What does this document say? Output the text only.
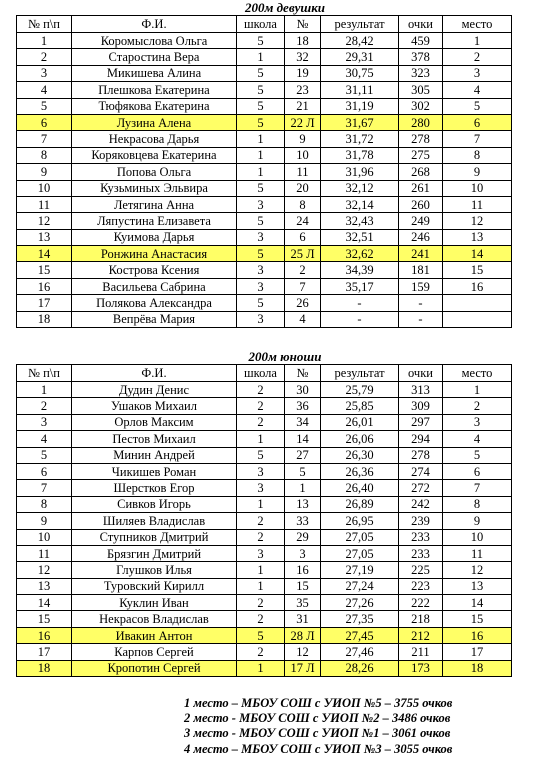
200м девушки
№ п\п	Ф.И.	школа	№	результат	очки	место
1	Коромыслова Ольга	5	18	28,42	459	1
2	Старостина Вера	1	32	29,31	378	2
3	Микишева Алина	5	19	30,75	323	3
4	Плешкова Екатерина	5	23	31,11	305	4
5	Тюфякова Екатерина	5	21	31,19	302	5
6	Лузина Алена	5	22 Л	31,67	280	6
7	Некрасова Дарья	1	9	31,72	278	7
8	Коряковцева Екатерина	1	10	31,78	275	8
9	Попова Ольга	1	11	31,96	268	9
10	Кузьминых Эльвира	5	20	32,12	261	10
11	Летягина Анна	3	8	32,14	260	11
12	Ляпустина Елизавета	5	24	32,43	249	12
13	Куимова Дарья	3	6	32,51	246	13
14	Ронжина Анастасия	5	25 Л	32,62	241	14
15	Кострова Ксения	3	2	34,39	181	15
16	Васильева Сабрина	3	7	35,17	159	16
17	Полякова Александра	5	26	-	-	
18	Вепрёва Мария	3	4	-	-	
200м юноши
№ п\п	Ф.И.	школа	№	результат	очки	место
1	Дудин Денис	2	30	25,79	313	1
2	Ушаков Михаил	2	36	25,85	309	2
3	Орлов Максим	2	34	26,01	297	3
4	Пестов Михаил	1	14	26,06	294	4
5	Минин Андрей	5	27	26,30	278	5
6	Чикишев Роман	3	5	26,36	274	6
7	Шерстков Егор	3	1	26,40	272	7
8	Сивков Игорь	1	13	26,89	242	8
9	Шиляев Владислав	2	33	26,95	239	9
10	Ступников Дмитрий	2	29	27,05	233	10
11	Брязгин Дмитрий	3	3	27,05	233	11
12	Глушков Илья	1	16	27,19	225	12
13	Туровский Кирилл	1	15	27,24	223	13
14	Куклин Иван	2	35	27,26	222	14
15	Некрасов Владислав	2	31	27,35	218	15
16	Ивакин Антон	5	28 Л	27,45	212	16
17	Карпов Сергей	2	12	27,46	211	17
18	Кропотин Сергей	1	17 Л	28,26	173	18
1 место – МБОУ СОШ с УИОП №5 – 3755 очков
2 место - МБОУ СОШ с УИОП №2 – 3486 очков
3 место - МБОУ СОШ с УИОП №1 – 3061 очков
4 место – МБОУ СОШ с УИОП №3 – 3055 очков
